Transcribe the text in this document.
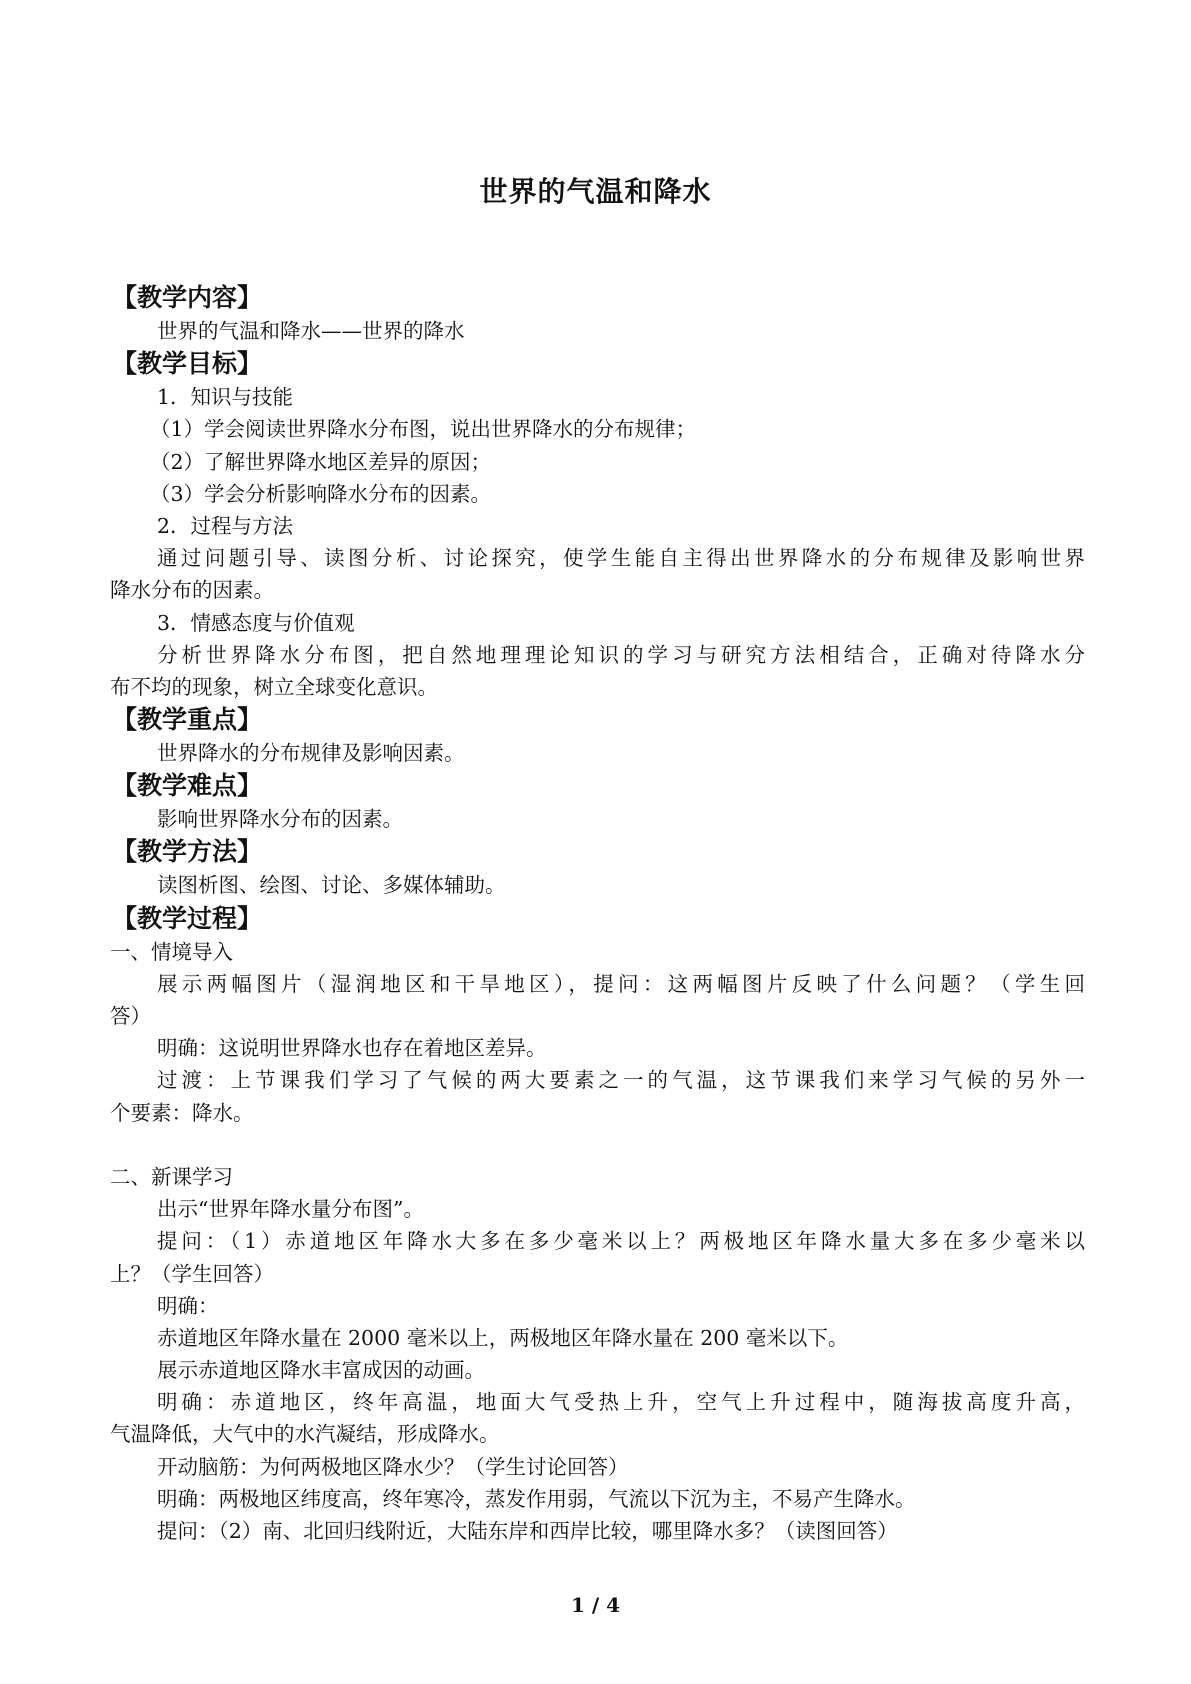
世界的气温和降水
【教学内容】
世界的气温和降水——世界的降水
【教学目标】
1．知识与技能
（1）学会阅读世界降水分布图，说出世界降水的分布规律；
（2）了解世界降水地区差异的原因；
（3）学会分析影响降水分布的因素。
2．过程与方法
通过问题引导、读图分析、讨论探究，使学生能自主得出世界降水的分布规律及影响世界
降水分布的因素。
3．情感态度与价值观
分析世界降水分布图，把自然地理理论知识的学习与研究方法相结合，正确对待降水分
布不均的现象，树立全球变化意识。
【教学重点】
世界降水的分布规律及影响因素。
【教学难点】
影响世界降水分布的因素。
【教学方法】
读图析图、绘图、讨论、多媒体辅助。
【教学过程】
一、情境导入
展示两幅图片（湿润地区和干旱地区），提问：这两幅图片反映了什么问题？（学生回
答）
明确：这说明世界降水也存在着地区差异。
过渡：上节课我们学习了气候的两大要素之一的气温，这节课我们来学习气候的另外一
个要素：降水。
二、新课学习
出示“世界年降水量分布图”。
提问：（1）赤道地区年降水大多在多少毫米以上？两极地区年降水量大多在多少毫米以
上？（学生回答）
明确：
赤道地区年降水量在 2000 毫米以上，两极地区年降水量在 200 毫米以下。
展示赤道地区降水丰富成因的动画。
明确：赤道地区，终年高温，地面大气受热上升，空气上升过程中，随海拔高度升高，
气温降低，大气中的水汽凝结，形成降水。
开动脑筋：为何两极地区降水少？（学生讨论回答）
明确：两极地区纬度高，终年寒冷，蒸发作用弱，气流以下沉为主，不易产生降水。
提问：（2）南、北回归线附近，大陆东岸和西岸比较，哪里降水多？（读图回答）
1 / 4
